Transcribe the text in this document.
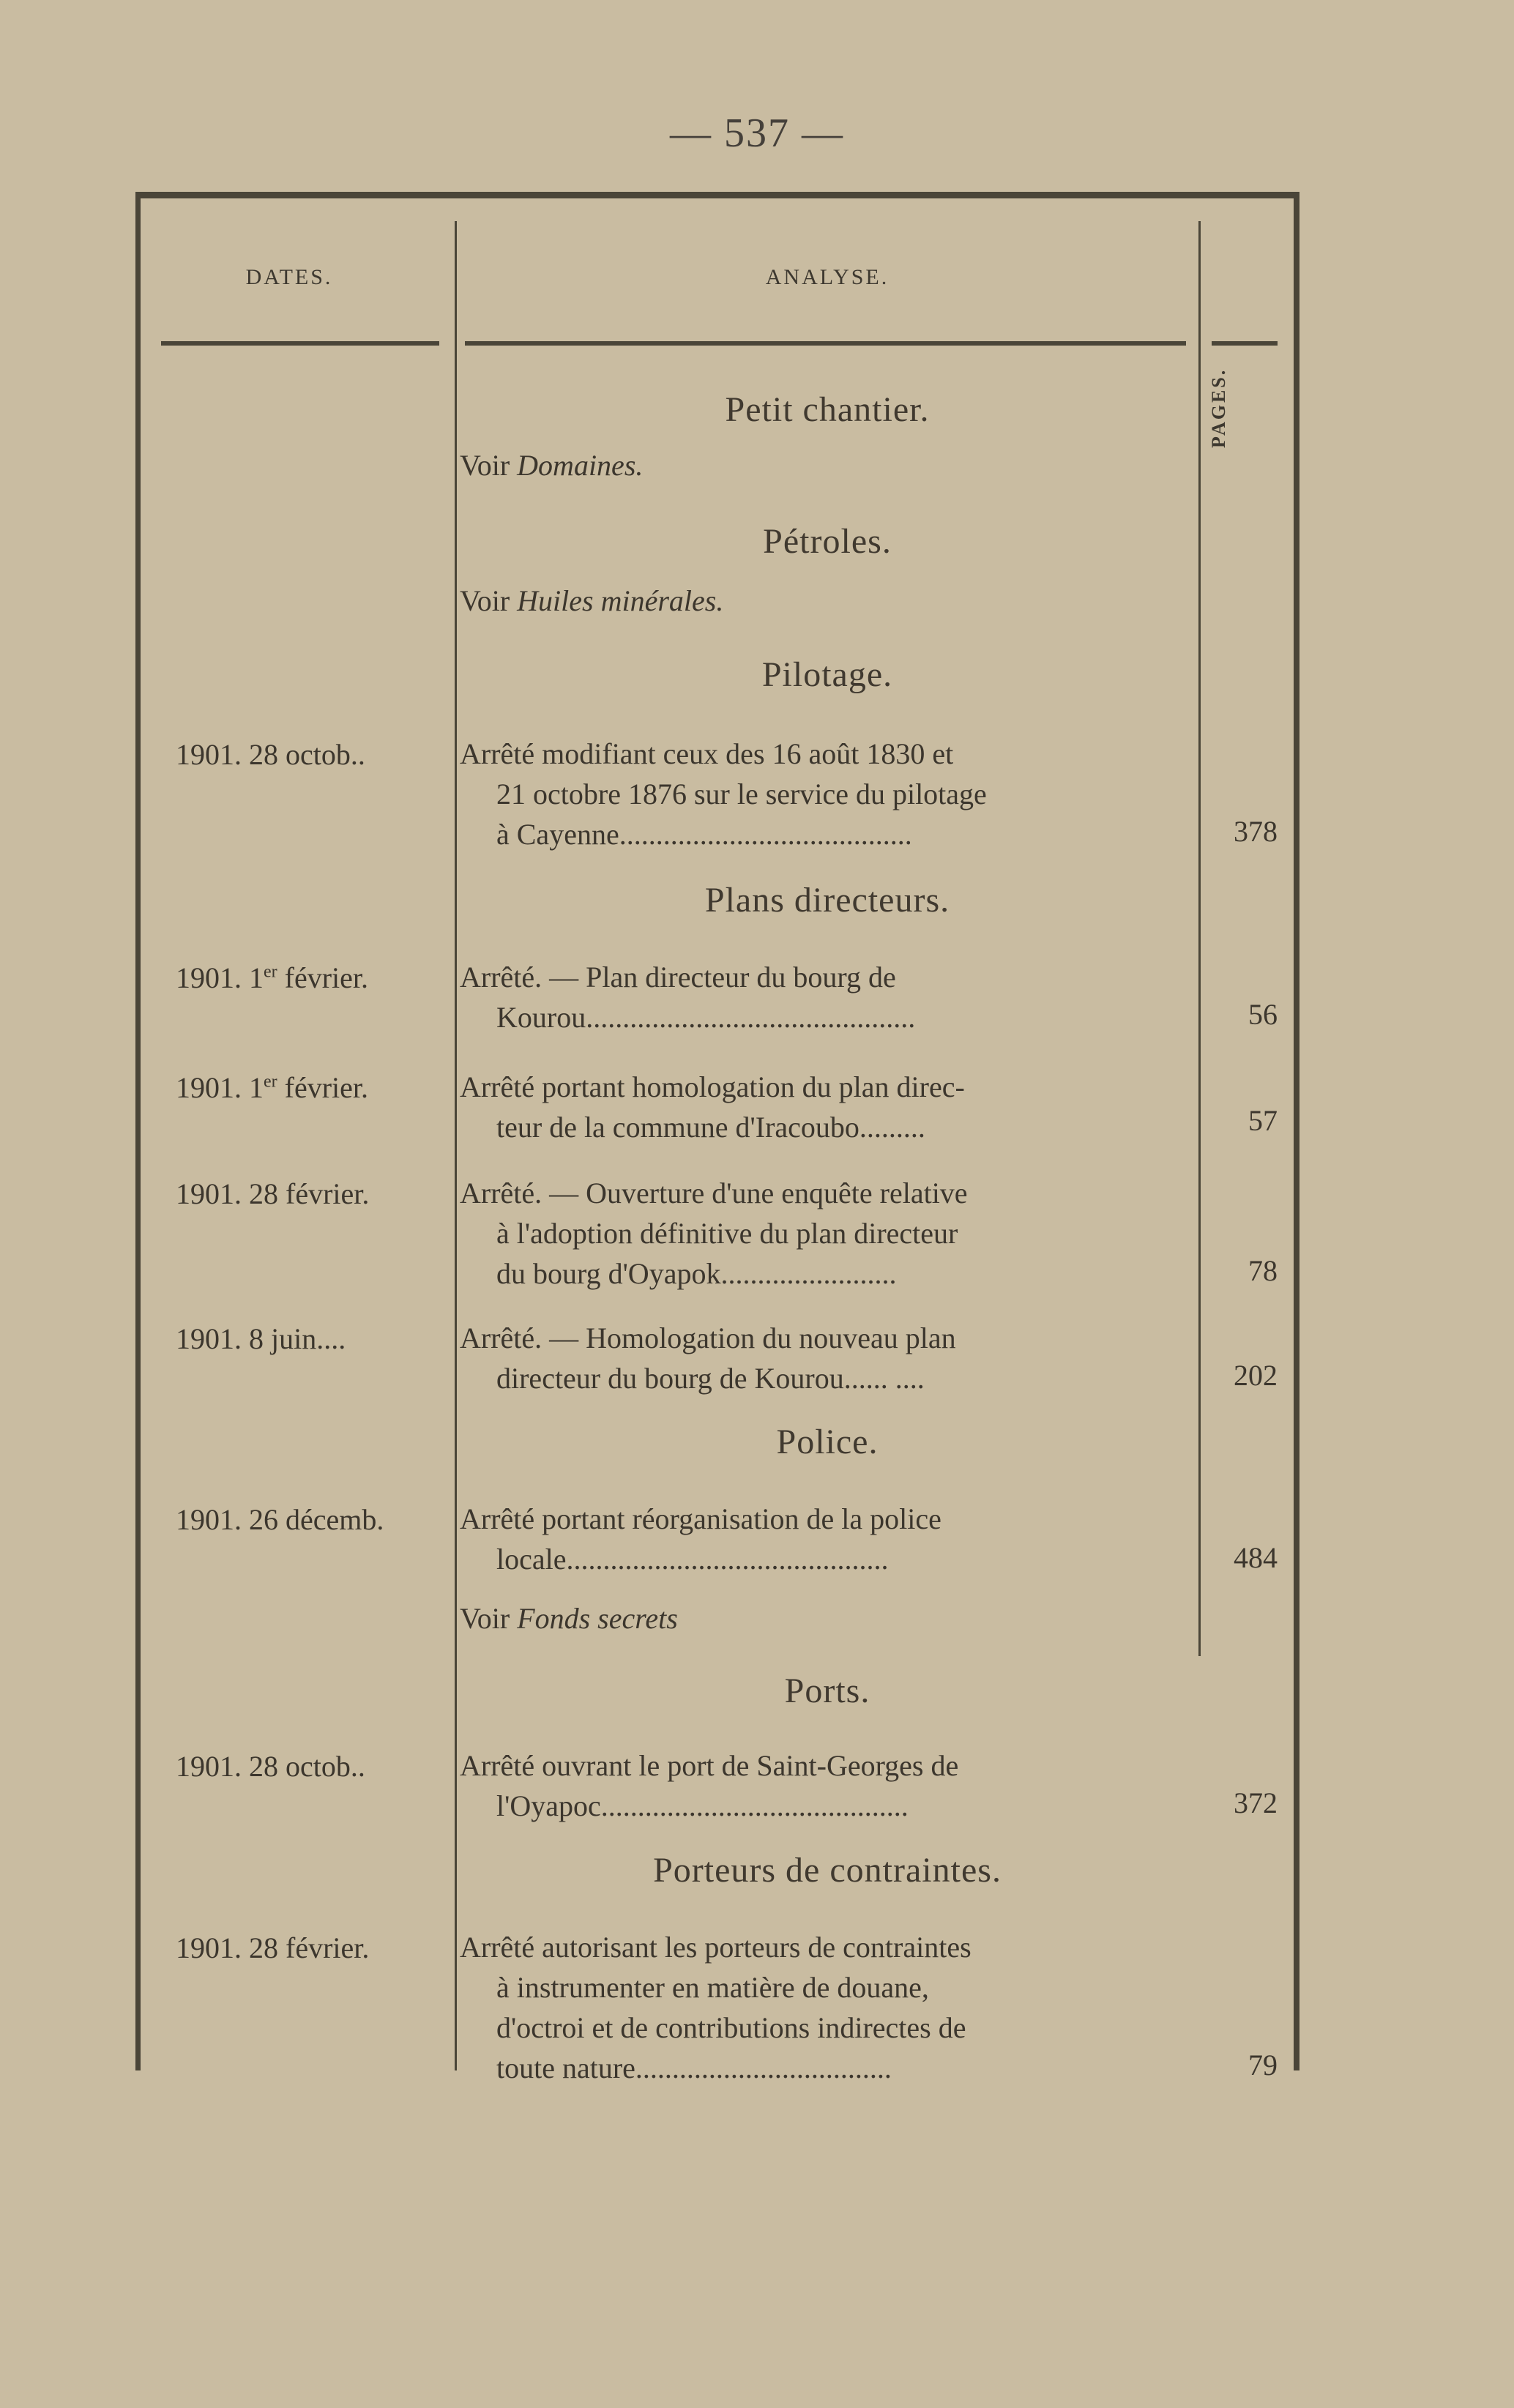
— 537 —
DATES.	ANALYSE.
PAGES.
Petit chantier.
Voir Domaines.
Pétroles.
Voir Huiles minérales.
Pilotage.
1901. 28 octob..	Arrêté modifiant ceux des 16 août 1830 et
21 octobre 1876 sur le service du pilotage
à Cayenne........................................	378
Plans directeurs.
1901. 1er février.	Arrêté. — Plan directeur du bourg de
Kourou.............................................	56
1901. 1er février.	Arrêté portant homologation du plan direc-
teur de la commune d'Iracoubo.........	57
1901. 28 février.	Arrêté. — Ouverture d'une enquête relative
à l'adoption définitive du plan directeur
du bourg d'Oyapok........................	78
1901. 8 juin....	Arrêté. — Homologation du nouveau plan
directeur du bourg de Kourou...... ....	202
Police.
1901. 26 décemb.	Arrêté portant réorganisation de la police
locale............................................	484
Voir Fonds secrets
Ports.
1901. 28 octob..	Arrêté ouvrant le port de Saint-Georges de
l'Oyapoc..........................................	372
Porteurs de contraintes.
1901. 28 février.	Arrêté autorisant les porteurs de contraintes
à instrumenter en matière de douane,
d'octroi et de contributions indirectes de
toute nature...................................	79
